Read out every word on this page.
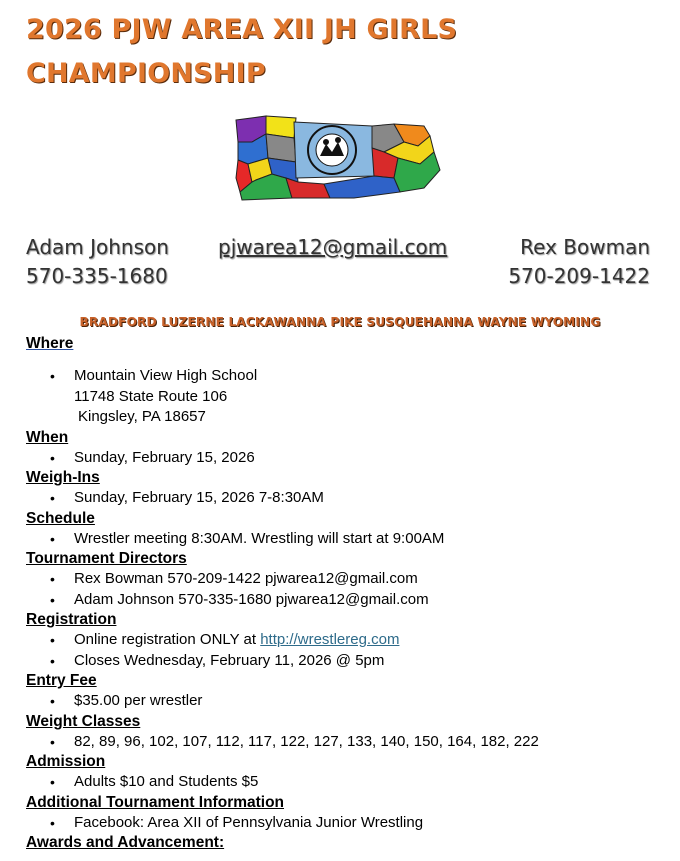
2026 PJW AREA XII JH GIRLS
CHAMPIONSHIP
Adam Johnson
570-335-1680
pjwarea12@gmail.com	Rex Bowman
570-209-1422
BRADFORD LUZERNE LACKAWANNA PIKE SUSQUEHANNA WAYNE WYOMING

Where

• Mountain View High School
11748 State Route 106
Kingsley, PA 18657

When

• Sunday, February 15, 2026

Weigh-Ins

• Sunday, February 15, 2026 7-8:30AM

Schedule

• Wrestler meeting 8:30AM. Wrestling will start at 9:00AM

Tournament Directors

• Rex Bowman 570-209-1422 pjwarea12@gmail.com
• Adam Johnson 570-335-1680 pjwarea12@gmail.com

Registration

• Online registration ONLY at http://wrestlereg.com
• Closes Wednesday, February 11, 2026 @ 5pm

Entry Fee

• $35.00 per wrestler

Weight Classes

• 82, 89, 96, 102, 107, 112, 117, 122, 127, 133, 140, 150, 164, 182, 222

Admission

• Adults $10 and Students $5

Additional Tournament Information

• Facebook: Area XII of Pennsylvania Junior Wrestling

Awards and Advancement:
